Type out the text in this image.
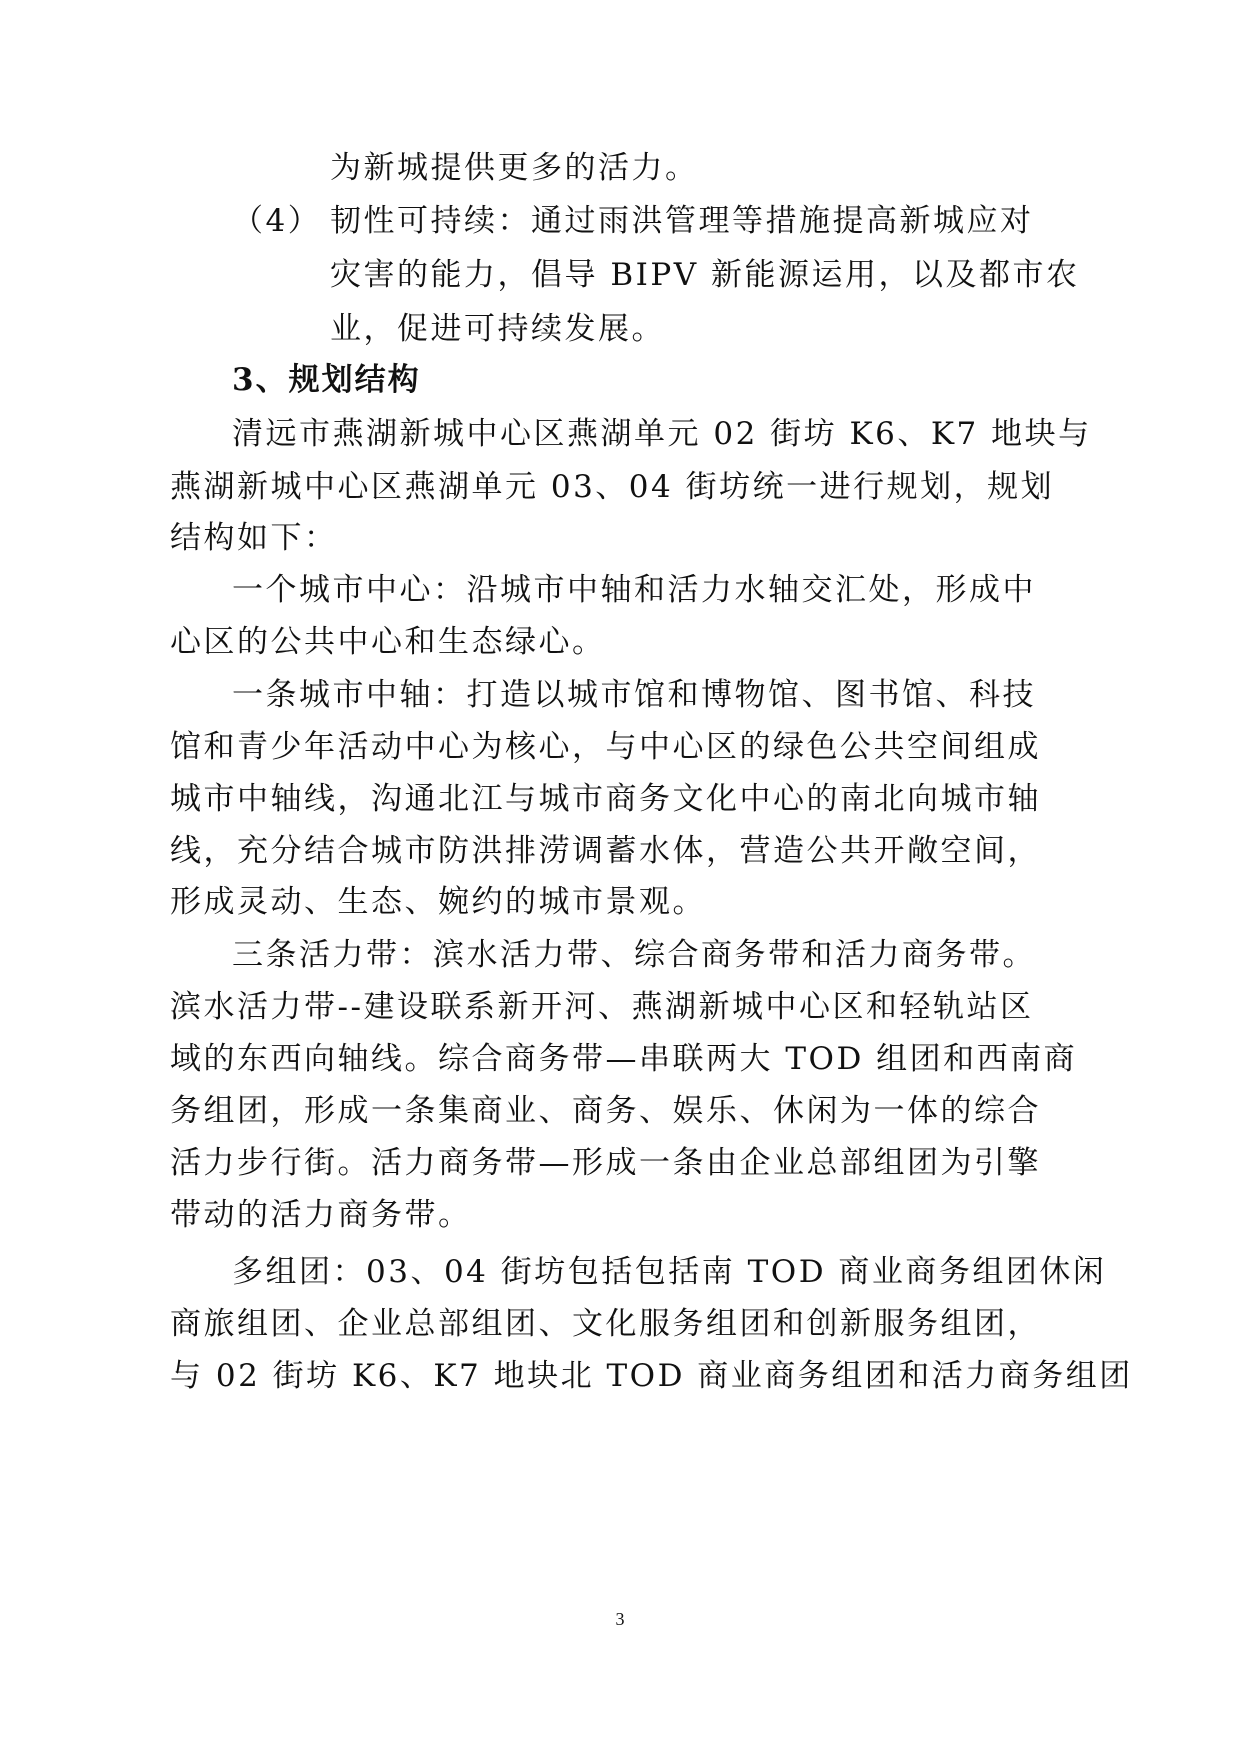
为新城提供更多的活力。
（4） 韧性可持续：通过雨洪管理等措施提高新城应对
灾害的能力，倡导 BIPV 新能源运用，以及都市农
业，促进可持续发展。
3、规划结构
清远市燕湖新城中心区燕湖单元 02 街坊 K6、K7 地块与
燕湖新城中心区燕湖单元 03、04 街坊统一进行规划，规划
结构如下：
一个城市中心：沿城市中轴和活力水轴交汇处，形成中
心区的公共中心和生态绿心。
一条城市中轴：打造以城市馆和博物馆、图书馆、科技
馆和青少年活动中心为核心，与中心区的绿色公共空间组成
城市中轴线，沟通北江与城市商务文化中心的南北向城市轴
线，充分结合城市防洪排涝调蓄水体，营造公共开敞空间，
形成灵动、生态、婉约的城市景观。
三条活力带：滨水活力带、综合商务带和活力商务带。
滨水活力带--建设联系新开河、燕湖新城中心区和轻轨站区
域的东西向轴线。综合商务带—串联两大 TOD 组团和西南商
务组团，形成一条集商业、商务、娱乐、休闲为一体的综合
活力步行街。活力商务带—形成一条由企业总部组团为引擎
带动的活力商务带。
多组团：03、04 街坊包括包括南 TOD 商业商务组团休闲
商旅组团、企业总部组团、文化服务组团和创新服务组团，
与 02 街坊 K6、K7 地块北 TOD 商业商务组团和活力商务组团
3
